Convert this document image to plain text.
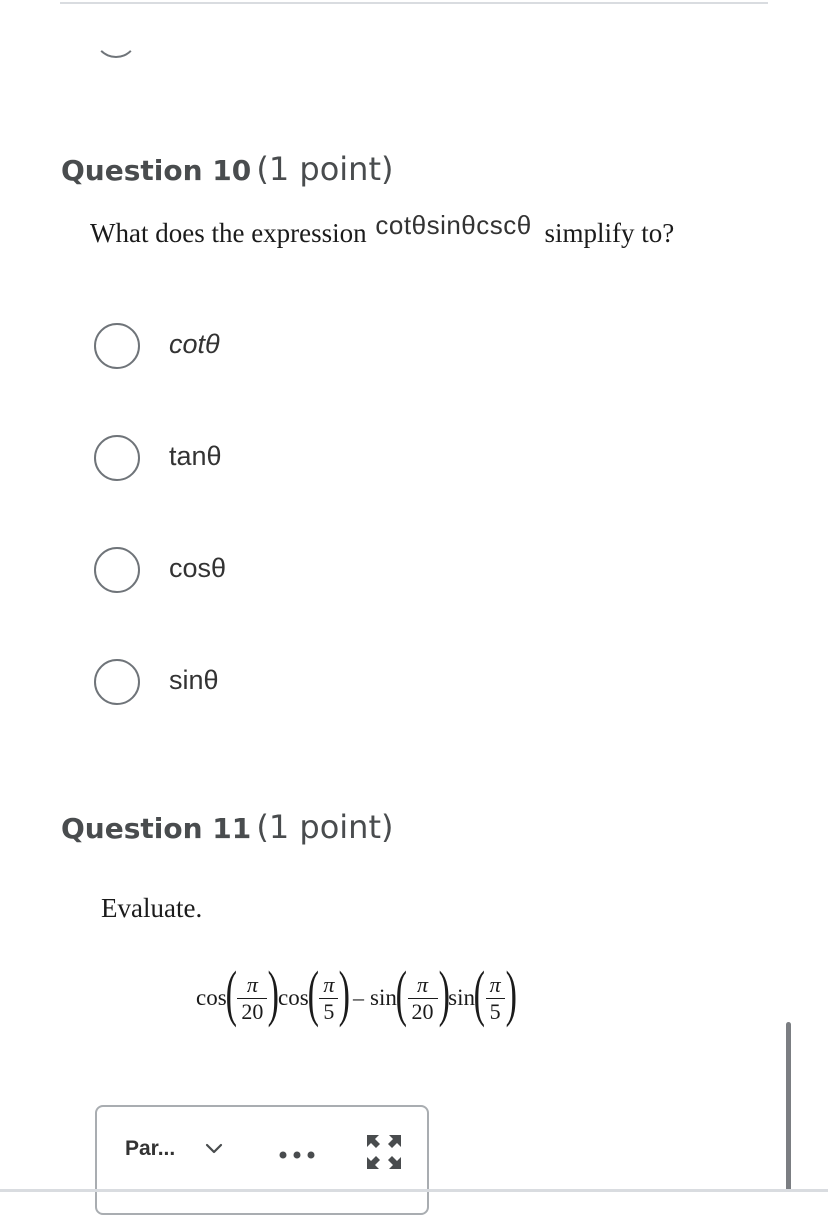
Question 10 (1 point)
What does the expression cotθsinθcscθ simplify to?
cotθ
tanθ
cosθ
sinθ
Question 11 (1 point)
Evaluate.
cos
( $\frac{\pi}{20}$ )
cos
( $\frac{\pi}{5}$ ) – sin
( $\frac{\pi}{20}$ )
sin
( $\frac{\pi}{5}$ )
Par...
